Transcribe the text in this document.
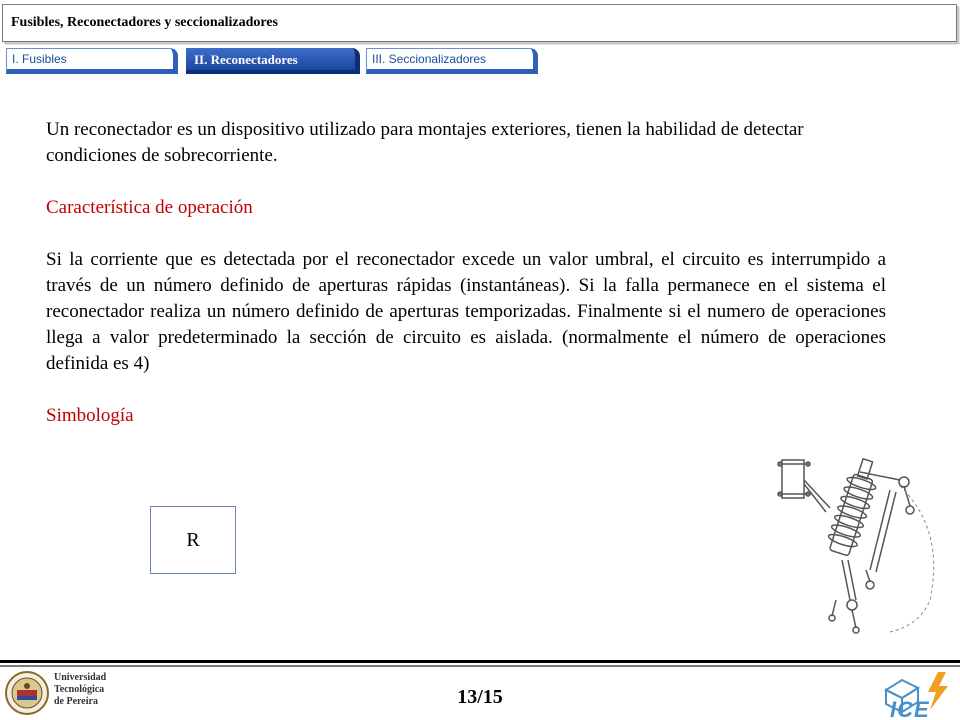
Fusibles, Reconectadores y seccionalizadores
I. Fusibles	II. Reconectadores	III. Seccionalizadores

Un reconectador es un dispositivo utilizado para montajes exteriores, tienen la habilidad de detectar condiciones de sobrecorriente.

Característica de operación

Si la corriente que es detectada por el reconectador excede un valor umbral, el circuito es interrumpido a través de un número definido de aperturas rápidas (instantáneas). Si la falla permanece en el sistema el reconectador realiza un número definido de aperturas temporizadas. Finalmente si el numero de operaciones llega a valor predeterminado la sección de circuito es aislada. (normalmente el número de operaciones definida es 4)

Simbología

R
Universidad
Tecnológica
de Pereira	13/15	ICE
